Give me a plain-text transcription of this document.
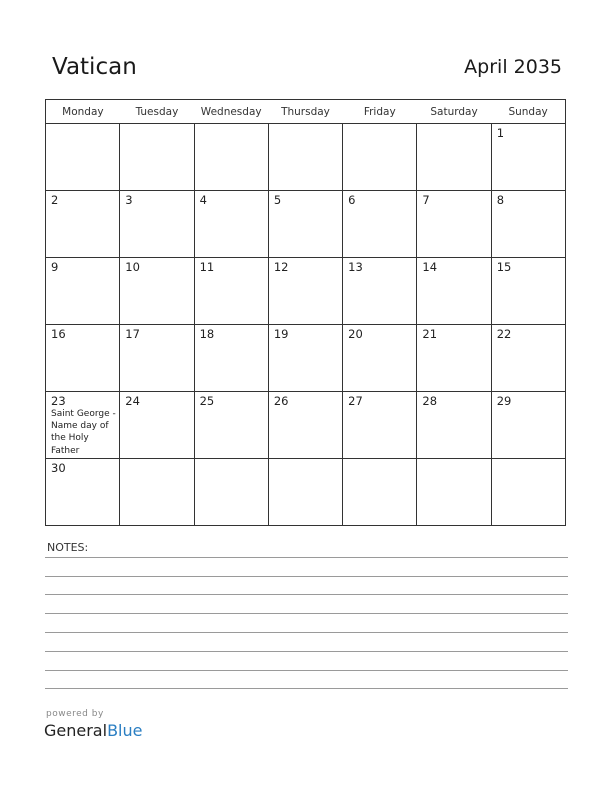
Vatican	April 2035
Monday	Tuesday	Wednesday	Thursday	Friday	Saturday	Sunday

						1

2	3	4	5	6	7	8

9	10	11	12	13	14	15

16	17	18	19	20	21	22

23
Saint George - Name day of the Holy Father	24	25	26	27	28	29

30						

NOTES:
powered by
GeneralBlue
